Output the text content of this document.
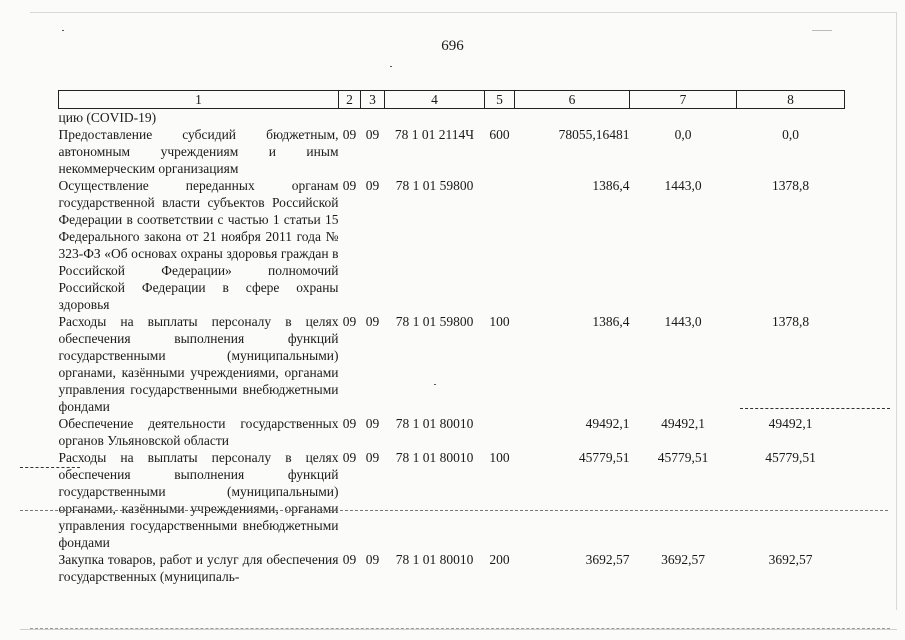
696
1	2	3	4	5	6	7	8
цию (COVID-19)							
Предоставление субсидий бюджетным, автономным учреждениям и иным некоммерческим организациям	09	09	78 1 01 2114Ч	600	78055,16481	0,0	0,0
Осуществление переданных органам государственной власти субъектов Российской Федерации в соответствии с частью 1 статьи 15 Федерального закона от 21 ноября 2011 года № 323-ФЗ «Об основах охраны здоровья граждан в Российской Федерации» полномочий Российской Федерации в сфере охраны здоровья	09	09	78 1 01 59800		1386,4	1443,0	1378,8
Расходы на выплаты персоналу в целях обеспечения выполнения функций государственными (муниципальными) органами, казёнными учреждениями, органами управления государственными внебюджетными фондами	09	09	78 1 01 59800	100	1386,4	1443,0	1378,8
Обеспечение деятельности государственных органов Ульяновской области	09	09	78 1 01 80010		49492,1	49492,1	49492,1
Расходы на выплаты персоналу в целях обеспечения выполнения функций государственными (муниципальными) органами, казёнными учреждениями, органами управления государственными внебюджетными фондами	09	09	78 1 01 80010	100	45779,51	45779,51	45779,51
Закупка товаров, работ и услуг для обеспечения государственных (муниципаль-	09	09	78 1 01 80010	200	3692,57	3692,57	3692,57
